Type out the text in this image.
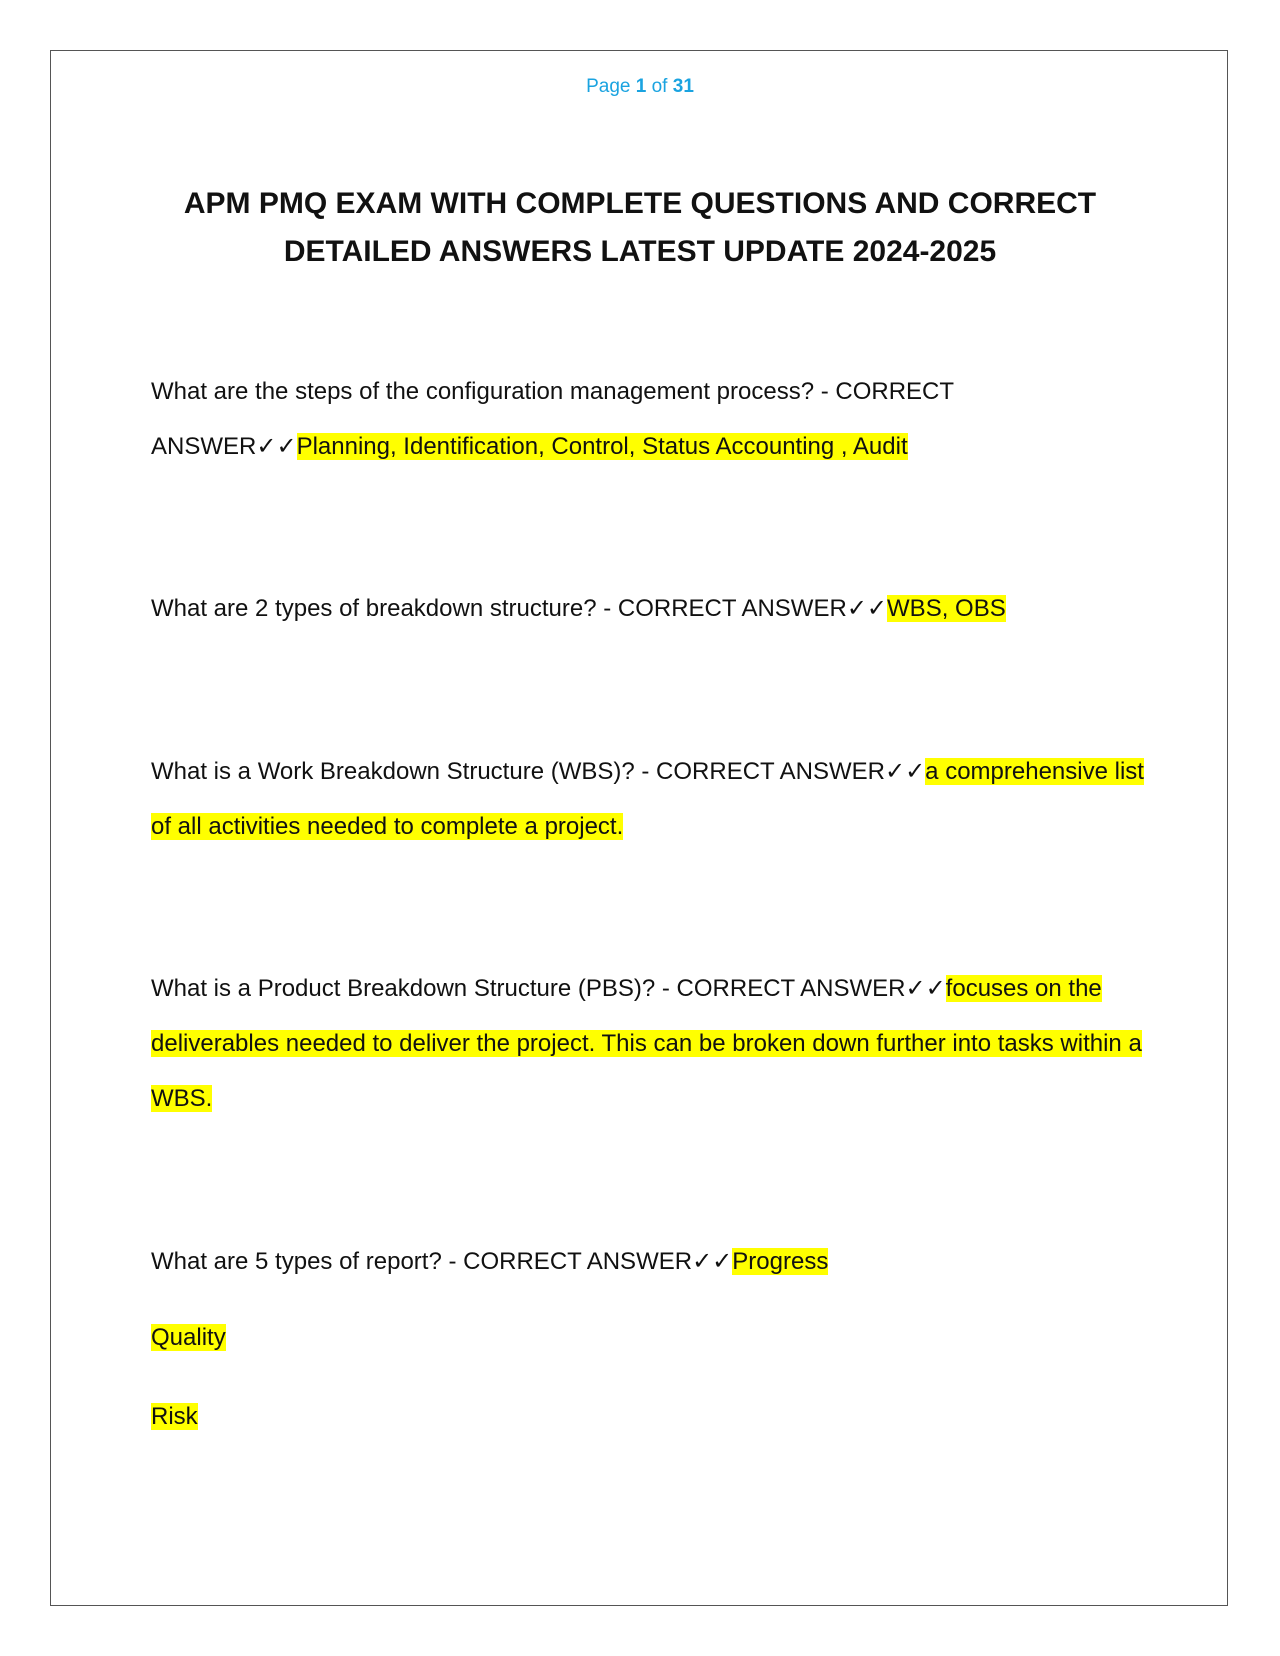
Page 1 of 31
APM PMQ EXAM WITH COMPLETE QUESTIONS AND CORRECT DETAILED ANSWERS LATEST UPDATE 2024-2025

What are the steps of the configuration management process? - CORRECT ANSWER✓✓Planning, Identification, Control, Status Accounting , Audit

What are 2 types of breakdown structure? - CORRECT ANSWER✓✓WBS, OBS

What is a Work Breakdown Structure (WBS)? - CORRECT ANSWER✓✓a comprehensive list of all activities needed to complete a project.

What is a Product Breakdown Structure (PBS)? - CORRECT ANSWER✓✓focuses on the deliverables needed to deliver the project. This can be broken down further into tasks within a WBS.

What are 5 types of report? - CORRECT ANSWER✓✓Progress

Quality

Risk
